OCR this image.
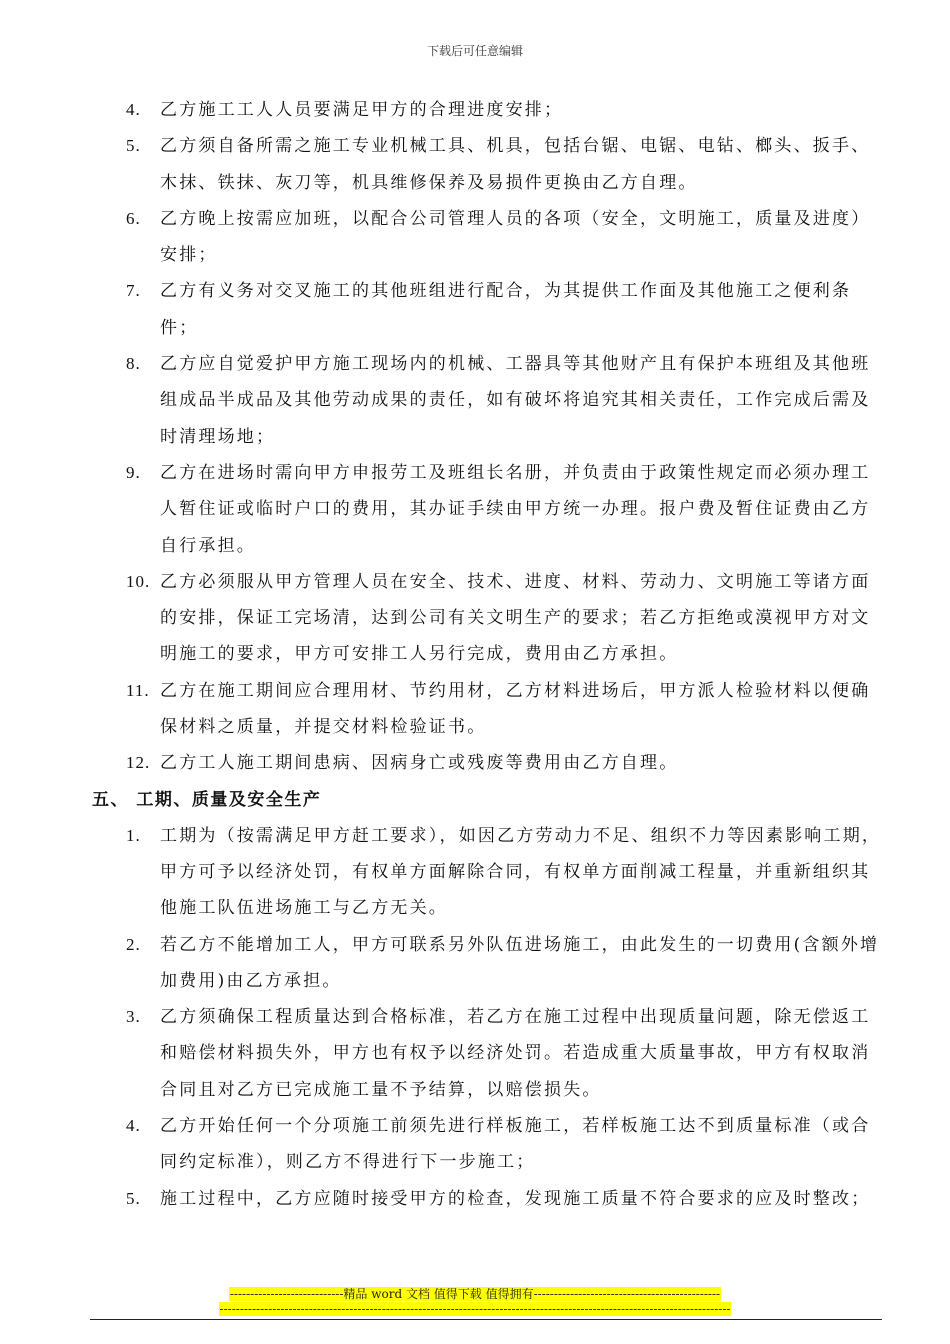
下载后可任意编辑
4. 乙方施工工人人员要满足甲方的合理进度安排；
5. 乙方须自备所需之施工专业机械工具、机具，包括台锯、电锯、电钻、榔头、扳手、木抹、铁抹、灰刀等，机具维修保养及易损件更换由乙方自理。
6. 乙方晚上按需应加班，以配合公司管理人员的各项（安全，文明施工，质量及进度）安排；
7. 乙方有义务对交叉施工的其他班组进行配合，为其提供工作面及其他施工之便利条件；
8. 乙方应自觉爱护甲方施工现场内的机械、工器具等其他财产且有保护本班组及其他班组成品半成品及其他劳动成果的责任，如有破坏将追究其相关责任，工作完成后需及时清理场地；
9. 乙方在进场时需向甲方申报劳工及班组长名册，并负责由于政策性规定而必须办理工人暂住证或临时户口的费用，其办证手续由甲方统一办理。报户费及暂住证费由乙方自行承担。
10. 乙方必须服从甲方管理人员在安全、技术、进度、材料、劳动力、文明施工等诸方面的安排，保证工完场清，达到公司有关文明生产的要求；若乙方拒绝或漠视甲方对文明施工的要求，甲方可安排工人另行完成，费用由乙方承担。
11. 乙方在施工期间应合理用材、节约用材，乙方材料进场后，甲方派人检验材料以便确保材料之质量，并提交材料检验证书。
12. 乙方工人施工期间患病、因病身亡或残废等费用由乙方自理。
五、 工期、质量及安全生产
1. 工期为（按需满足甲方赶工要求），如因乙方劳动力不足、组织不力等因素影响工期，甲方可予以经济处罚，有权单方面解除合同，有权单方面削减工程量，并重新组织其他施工队伍进场施工与乙方无关。
2. 若乙方不能增加工人，甲方可联系另外队伍进场施工，由此发生的一切费用(含额外增加费用)由乙方承担。
3. 乙方须确保工程质量达到合格标准，若乙方在施工过程中出现质量问题，除无偿返工和赔偿材料损失外，甲方也有权予以经济处罚。若造成重大质量事故，甲方有权取消合同且对乙方已完成施工量不予结算，以赔偿损失。
4. 乙方开始任何一个分项施工前须先进行样板施工，若样板施工达不到质量标准（或合同约定标准），则乙方不得进行下一步施工；
5. 施工过程中，乙方应随时接受甲方的检查，发现施工质量不符合要求的应及时整改；
----------------------------精品 word 文档 值得下载 值得拥有----------------------------------------------
------------------------------------------------------------------------------------------------------------------------------
